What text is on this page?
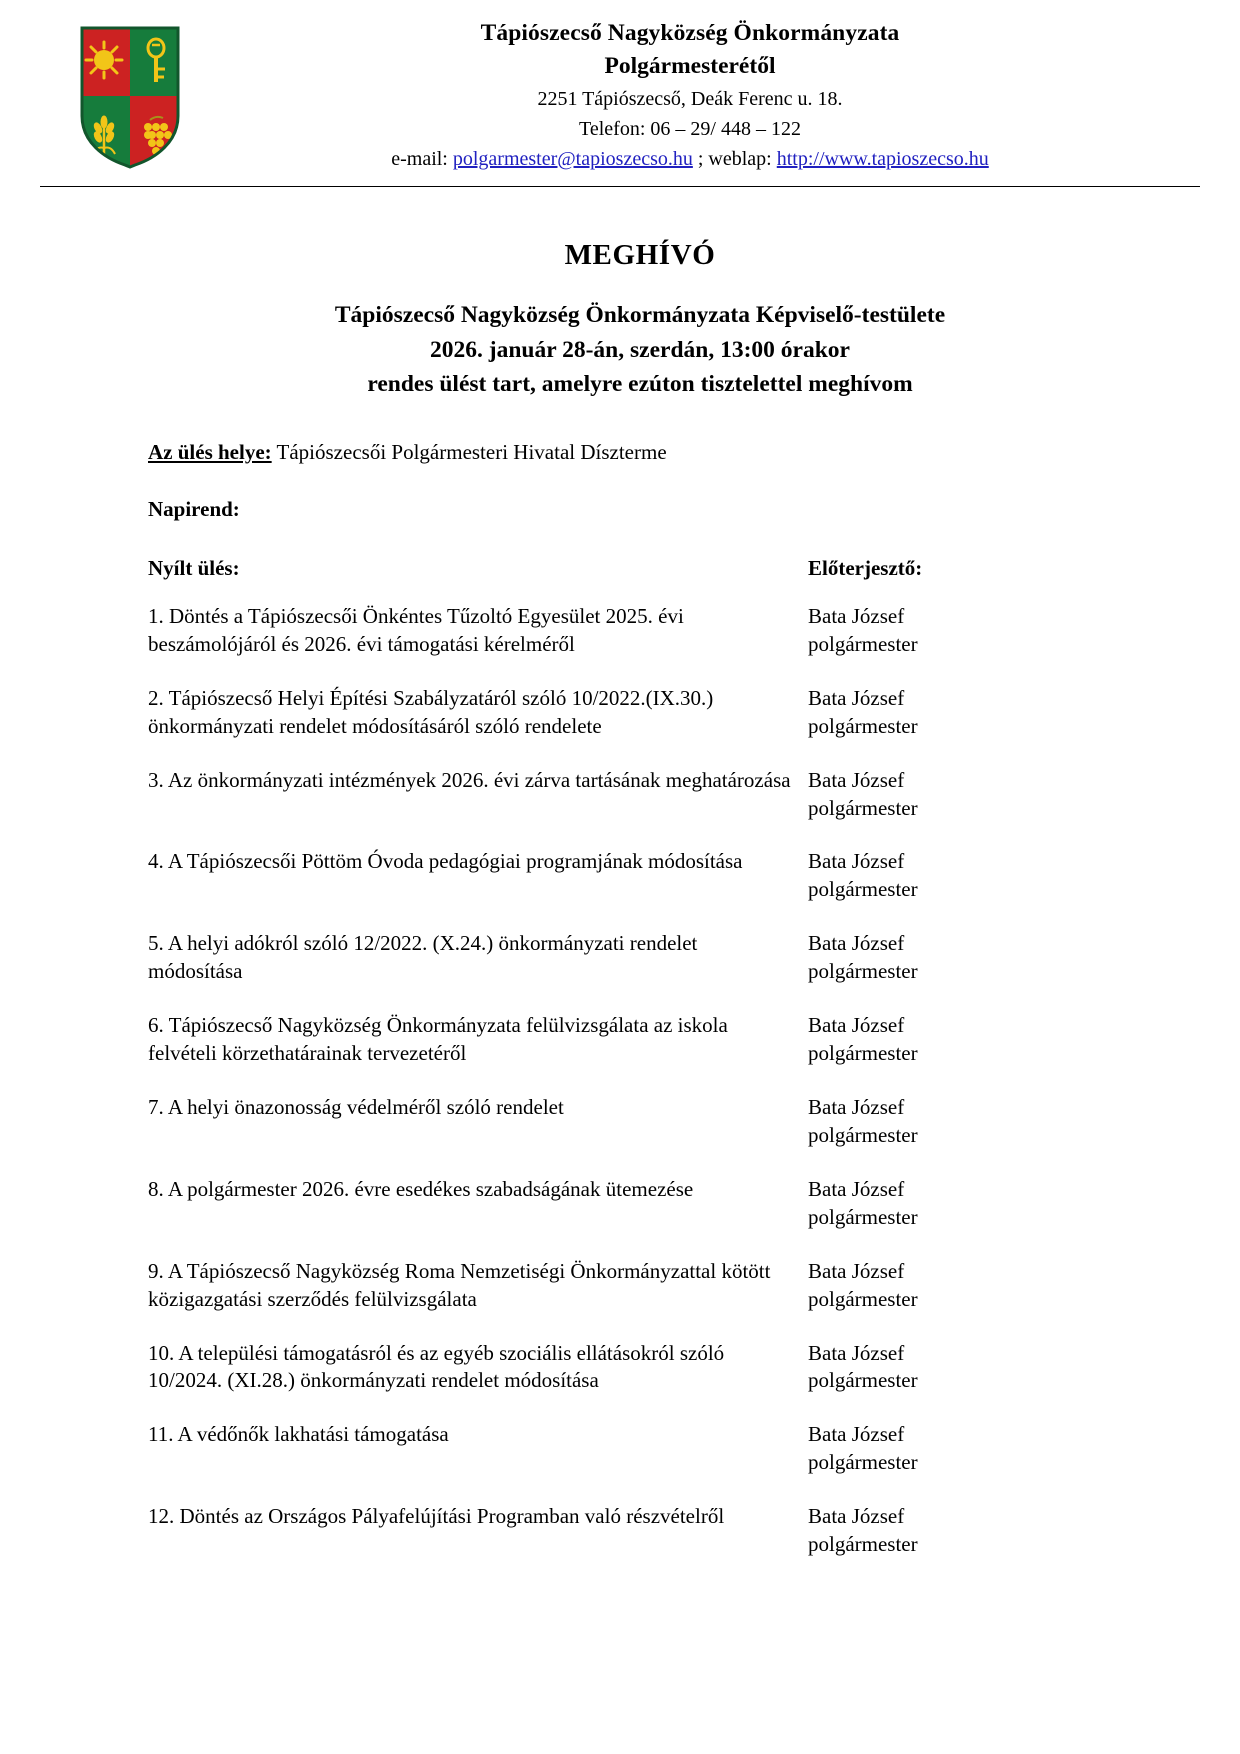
Tápiószecső Nagyközség Önkormányzata
Polgármesterétől
2251 Tápiószecső, Deák Ferenc u. 18.
Telefon: 06 – 29/ 448 – 122
e-mail: polgarmester@tapioszecso.hu ; weblap: http://www.tapioszecso.hu
MEGHÍVÓ
Tápiószecső Nagyközség Önkormányzata Képviselő-testülete
2026. január 28-án, szerdán, 13:00 órakor
rendes ülést tart, amelyre ezúton tisztelettel meghívom
Az ülés helye: Tápiószecsői Polgármesteri Hivatal Díszterme
Napirend:
Nyílt ülés:	Előterjesztő:
1. Döntés a Tápiószecsői Önkéntes Tűzoltó Egyesület 2025. évi beszámolójáról és 2026. évi támogatási kérelméről
Bata József
polgármester
2. Tápiószecső Helyi Építési Szabályzatáról szóló 10/2022.(IX.30.) önkormányzati rendelet módosításáról szóló rendelete
Bata József
polgármester
3. Az önkormányzati intézmények 2026. évi zárva tartásának meghatározása Bata József
polgármester
4. A Tápiószecsői Pöttöm Óvoda pedagógiai programjának módosítása	Bata József
polgármester
5. A helyi adókról szóló 12/2022. (X.24.) önkormányzati rendelet módosítása
Bata József
polgármester
6. Tápiószecső Nagyközség Önkormányzata felülvizsgálata az iskola felvételi körzethatárainak tervezetéről
Bata József
polgármester
7. A helyi önazonosság védelméről szóló rendelet	Bata József
polgármester
8. A polgármester 2026. évre esedékes szabadságának ütemezése	Bata József
polgármester
9. A Tápiószecső Nagyközség Roma Nemzetiségi Önkormányzattal kötött közigazgatási szerződés felülvizsgálata
Bata József
polgármester
10. A települési támogatásról és az egyéb szociális ellátásokról szóló 10/2024. (XI.28.) önkormányzati rendelet módosítása
Bata József
polgármester
11. A védőnők lakhatási támogatása	Bata József
polgármester
12. Döntés az Országos Pályafelújítási Programban való részvételről	Bata József
polgármester
